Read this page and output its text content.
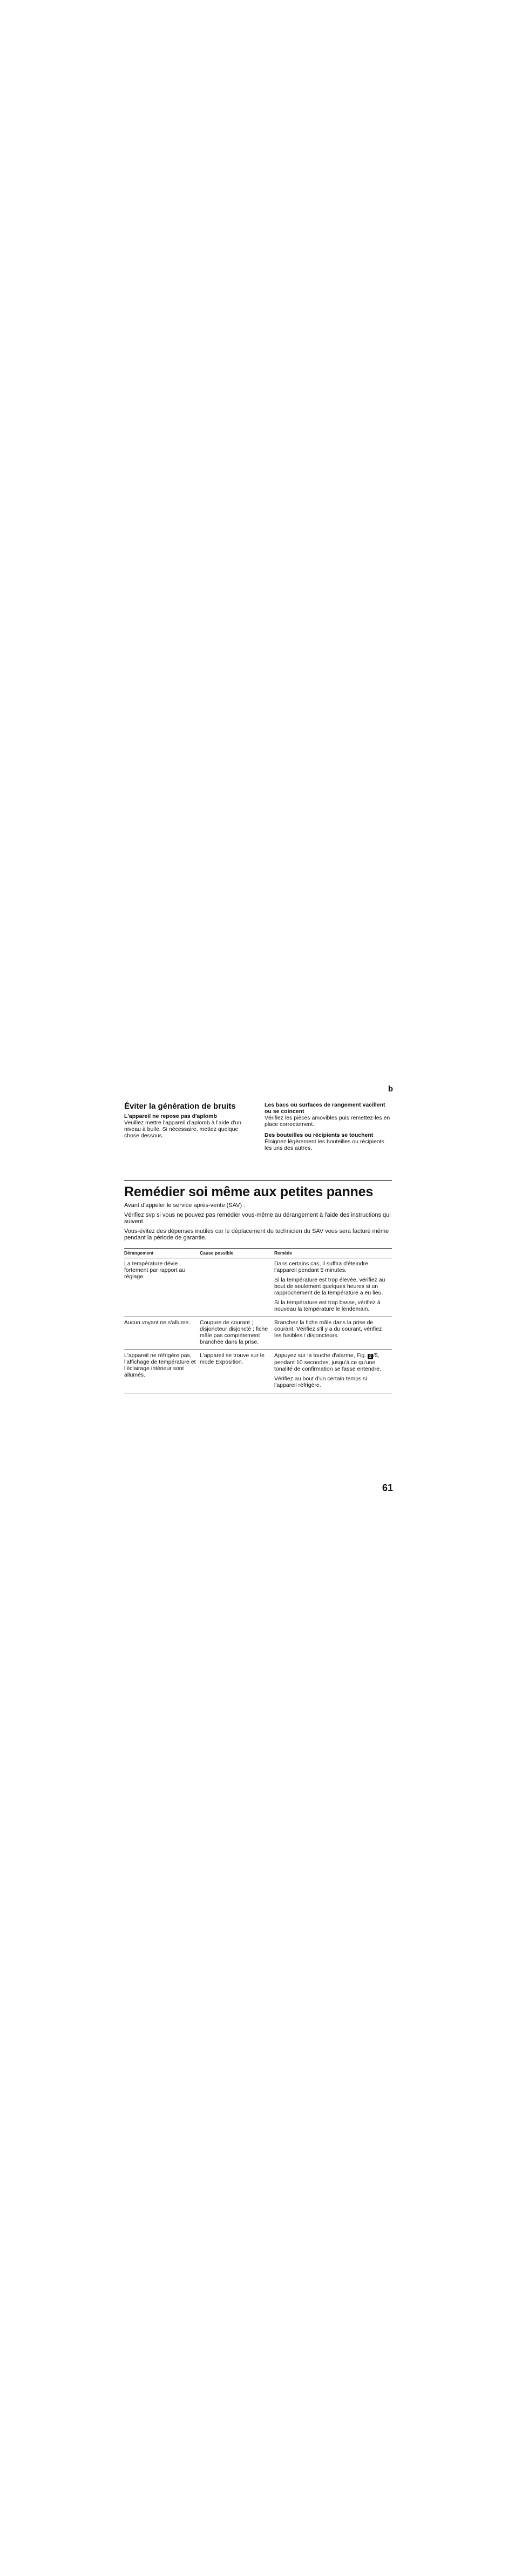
b
Éviter la génération de bruits

L'appareil ne repose pas d'aplomb

Veuillez mettre l'appareil d'aplomb à l'aide d'un niveau à bulle. Si nécessaire, mettez quelque chose dessous.

Les bacs ou surfaces de rangement vacillent ou se coincent

Vérifiez les pièces amovibles puis remettez-les en place correctement.

Des bouteilles ou récipients se touchent

Éloignez légèrement les bouteilles ou récipients les uns des autres.

Remédier soi même aux petites pannes

Avant d'appeler le service après-vente (SAV) :

Vérifiez svp si vous ne pouvez pas remédier vous-même au dérangement à l'aide des instructions qui suivent.

Vous-évitez des dépenses inutiles car le déplacement du technicien du SAV vous sera facturé même pendant la période de garantie.

Dérangement	Cause possible	Remède
La température dévie fortement par rapport au réglage.		Dans certains cas, il suffira d'éteindre l'appareil pendant 5 minutes.

Si la température est trop élevée, vérifiez au bout de seulement quelques heures si un rapprochement de la température a eu lieu.

Si la température est trop basse, vérifiez à nouveau la température le lendemain.

Aucun voyant ne s'allume.	Coupure de courant ; disjoncteur disjoncté ; fiche mâle pas complètement branchée dans la prise.	Branchez la fiche mâle dans la prise de courant. Vérifiez s'il y a du courant, vérifiez les fusibles / disjoncteurs.

L'appareil ne réfrigère pas, l'affichage de température et l'éclairage intérieur sont allumés.	L'appareil se trouve sur le mode Exposition.	Appuyez sur la touche d'alarme, Fig. 2 /5, pendant 10 secondes, jusqu'à ce qu'une tonalité de confirmation se fasse entendre.

Vérifiez au bout d'un certain temps si l'appareil réfrigère.

61
